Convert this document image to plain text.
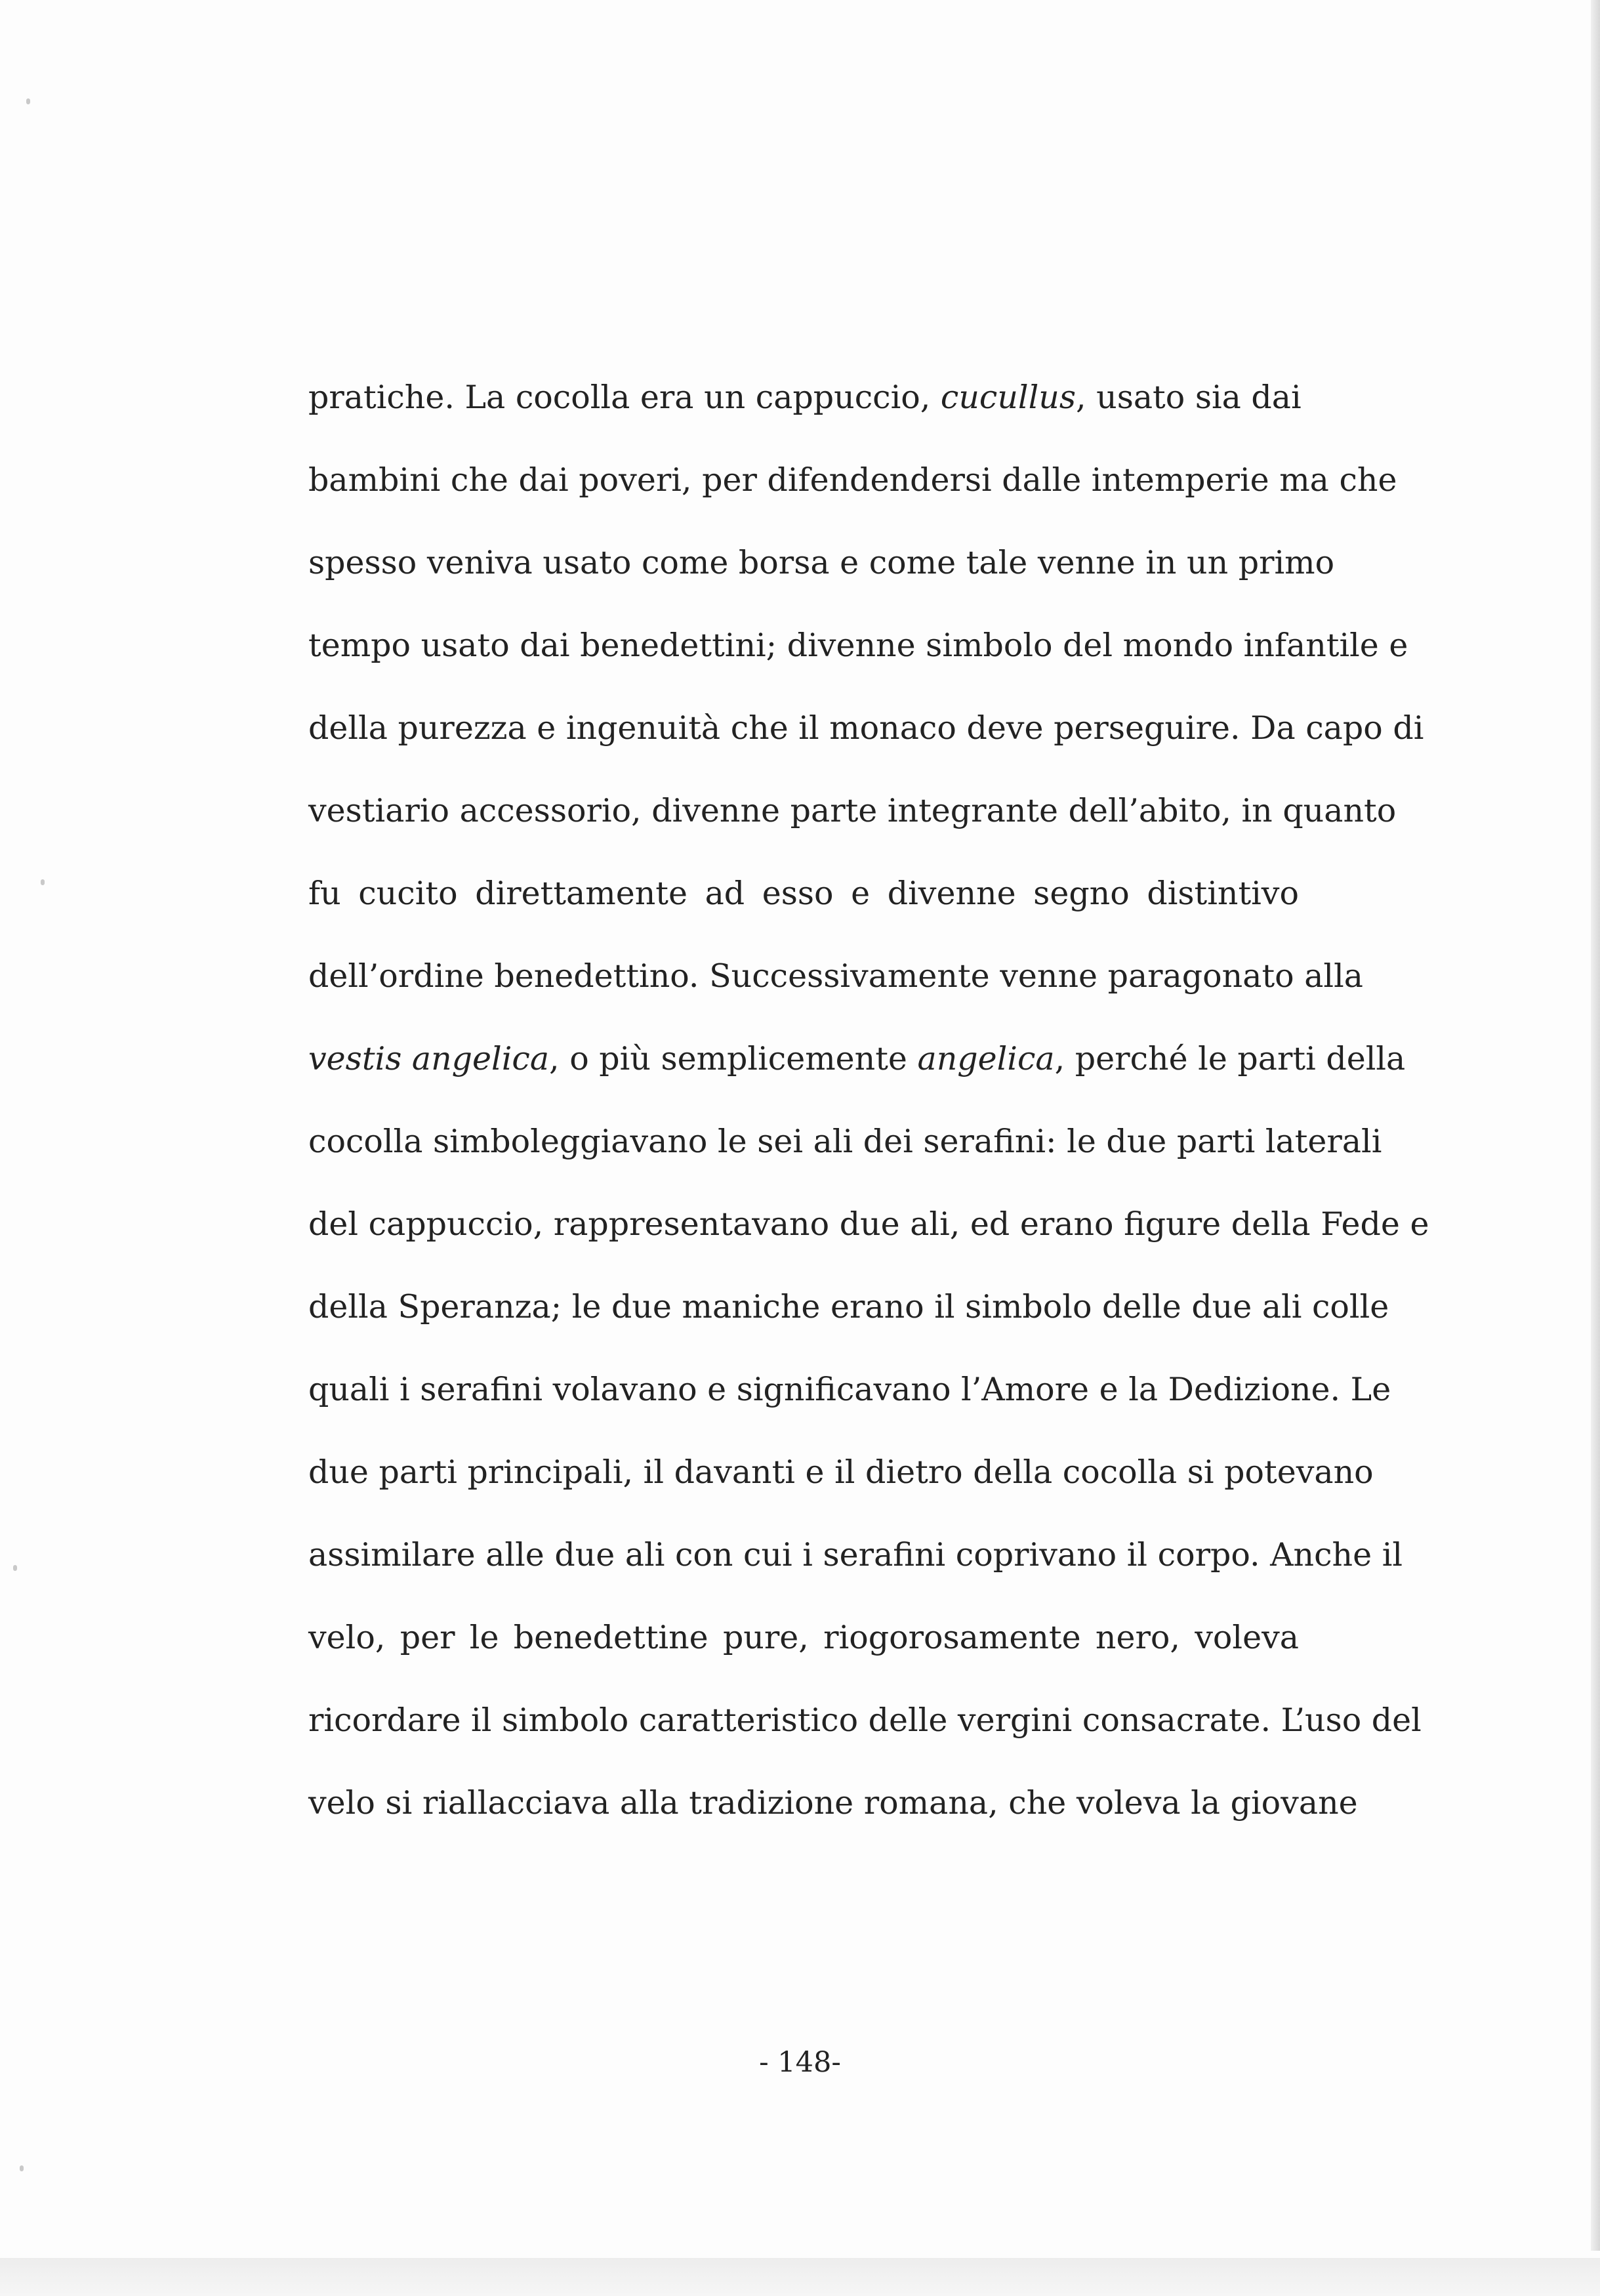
pratiche. La cocolla era un cappuccio, cucullus, usato sia dai
bambini che dai poveri, per difendendersi dalle intemperie ma che
spesso veniva usato come borsa e come tale venne in un primo
tempo usato dai benedettini; divenne simbolo del mondo infantile e
della purezza e ingenuità che il monaco deve perseguire. Da capo di
vestiario accessorio, divenne parte integrante dell’abito, in quanto
fu cucito direttamente ad esso e divenne segno distintivo
dell’ordine benedettino. Successivamente venne paragonato alla
vestis angelica, o più semplicemente angelica, perché le parti della
cocolla simboleggiavano le sei ali dei serafini: le due parti laterali
del cappuccio, rappresentavano due ali, ed erano figure della Fede e
della Speranza; le due maniche erano il simbolo delle due ali colle
quali i serafini volavano e significavano l’Amore e la Dedizione. Le
due parti principali, il davanti e il dietro della cocolla si potevano
assimilare alle due ali con cui i serafini coprivano il corpo. Anche il
velo, per le benedettine pure, riogorosamente nero, voleva
ricordare il simbolo caratteristico delle vergini consacrate. L’uso del
velo si riallacciava alla tradizione romana, che voleva la giovane
- 148-
